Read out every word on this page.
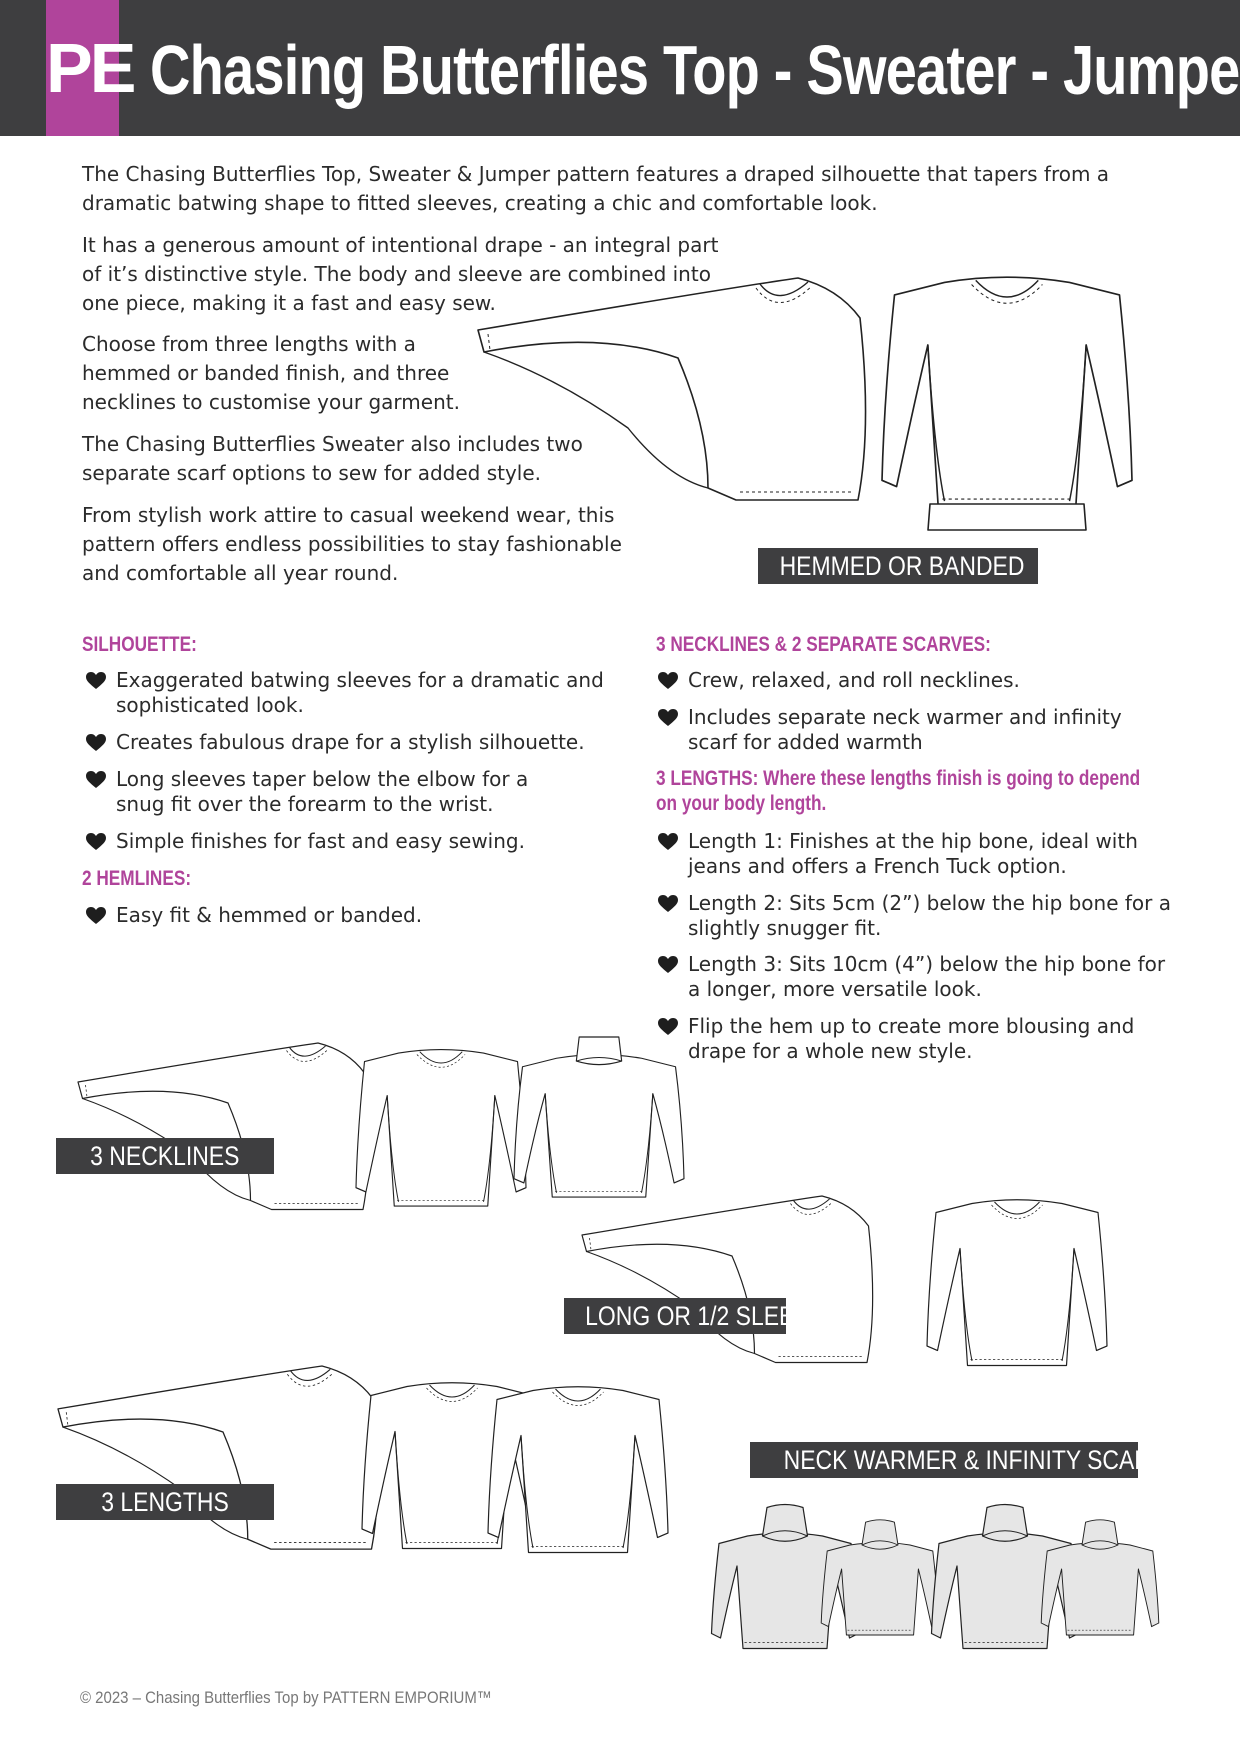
PE Chasing Butterflies Top - Sweater - Jumper

The Chasing Butterflies Top, Sweater & Jumper pattern features a draped silhouette that tapers from a dramatic batwing shape to fitted sleeves, creating a chic and comfortable look.

It has a generous amount of intentional drape - an integral part of it’s distinctive style. The body and sleeve are combined into one piece, making it a fast and easy sew.

Choose from three lengths with a hemmed or banded finish, and three necklines to customise your garment.

The Chasing Butterflies Sweater also includes two separate scarf options to sew for added style.

From stylish work attire to casual weekend wear, this pattern offers endless possibilities to stay fashionable and comfortable all year round.	HEMMED OR BANDED
SILHOUETTE:
Exaggerated batwing sleeves for a dramatic and sophisticated look.
Creates fabulous drape for a stylish silhouette.
Long sleeves taper below the elbow for a snug fit over the forearm to the wrist.
Simple finishes for fast and easy sewing.
2 HEMLINES:
Easy fit & hemmed or banded.
3 NECKLINES & 2 SEPARATE SCARVES:
Crew, relaxed, and roll necklines.
Includes separate neck warmer and infinity scarf for added warmth
3 LENGTHS: Where these lengths finish is going to depend on your body length.
Length 1: Finishes at the hip bone, ideal with jeans and offers a French Tuck option.
Length 2: Sits 5cm (2”) below the hip bone for a slightly snugger fit.
Length 3: Sits 10cm (4”) below the hip bone for a longer, more versatile look.
Flip the hem up to create more blousing and drape for a whole new style.
3 NECKLINES
LONG OR 1/2 SLEEVE
3 LENGTHS
NECK WARMER & INFINITY SCARF
© 2023 – Chasing Butterflies Top by PATTERN EMPORIUM™
